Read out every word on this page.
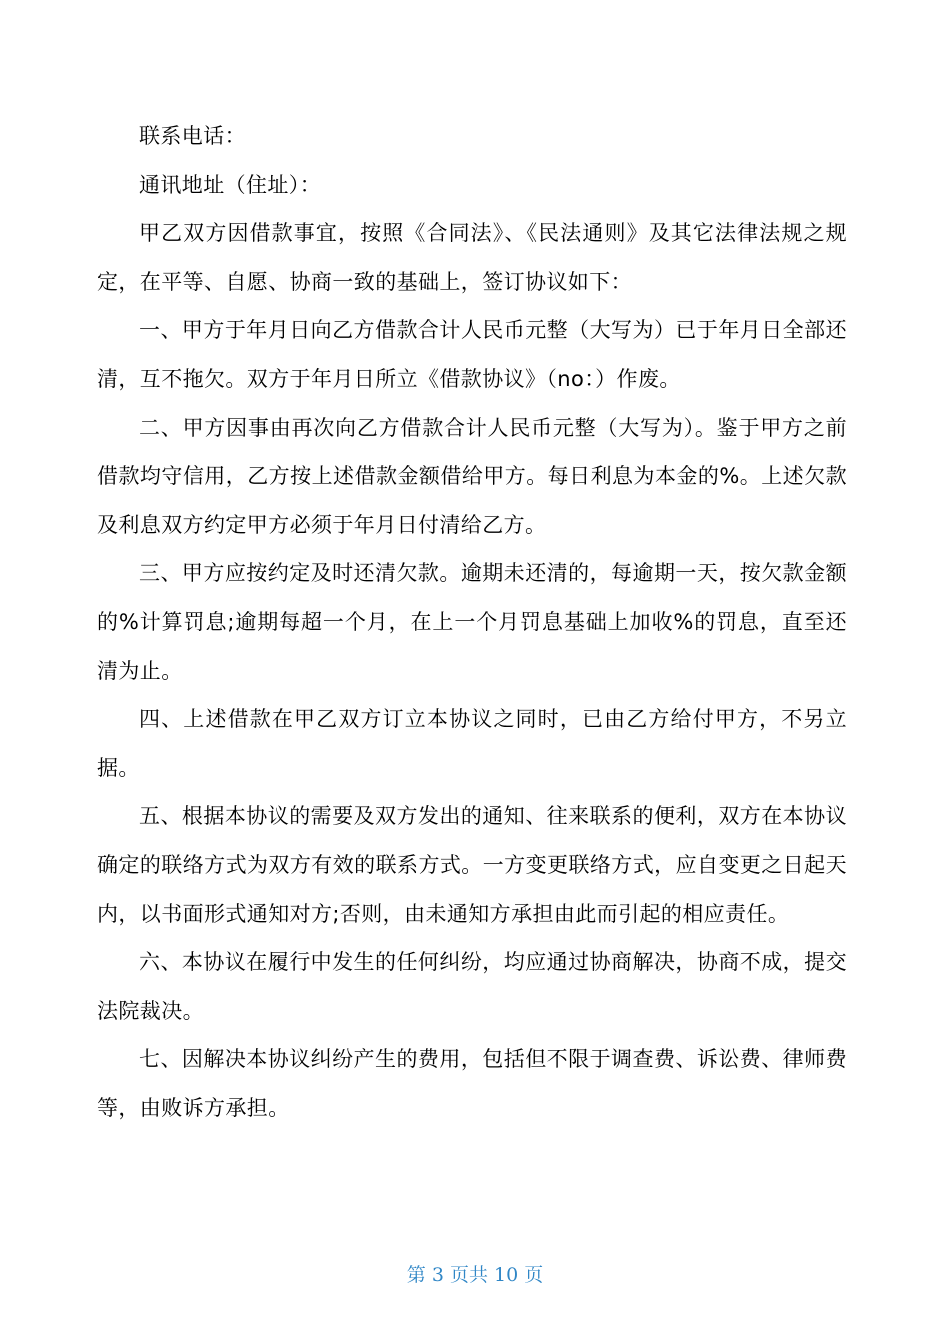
联系电话：

通讯地址（住址）：

甲乙双方因借款事宜，按照《合同法》、《民法通则》及其它法律法规之规定，在平等、自愿、协商一致的基础上，签订协议如下：

一、甲方于年月日向乙方借款合计人民币元整（大写为）已于年月日全部还清，互不拖欠。双方于年月日所立《借款协议》（no：）作废。

二、甲方因事由再次向乙方借款合计人民币元整（大写为）。鉴于甲方之前借款均守信用，乙方按上述借款金额借给甲方。每日利息为本金的%。上述欠款及利息双方约定甲方必须于年月日付清给乙方。

三、甲方应按约定及时还清欠款。逾期未还清的，每逾期一天，按欠款金额的%计算罚息;逾期每超一个月，在上一个月罚息基础上加收%的罚息，直至还清为止。

四、上述借款在甲乙双方订立本协议之同时，已由乙方给付甲方，不另立据。

五、根据本协议的需要及双方发出的通知、往来联系的便利，双方在本协议确定的联络方式为双方有效的联系方式。一方变更联络方式，应自变更之日起天内，以书面形式通知对方;否则，由未通知方承担由此而引起的相应责任。

六、本协议在履行中发生的任何纠纷，均应通过协商解决，协商不成，提交法院裁决。

七、因解决本协议纠纷产生的费用，包括但不限于调查费、诉讼费、律师费等，由败诉方承担。

第 3 页共 10 页
